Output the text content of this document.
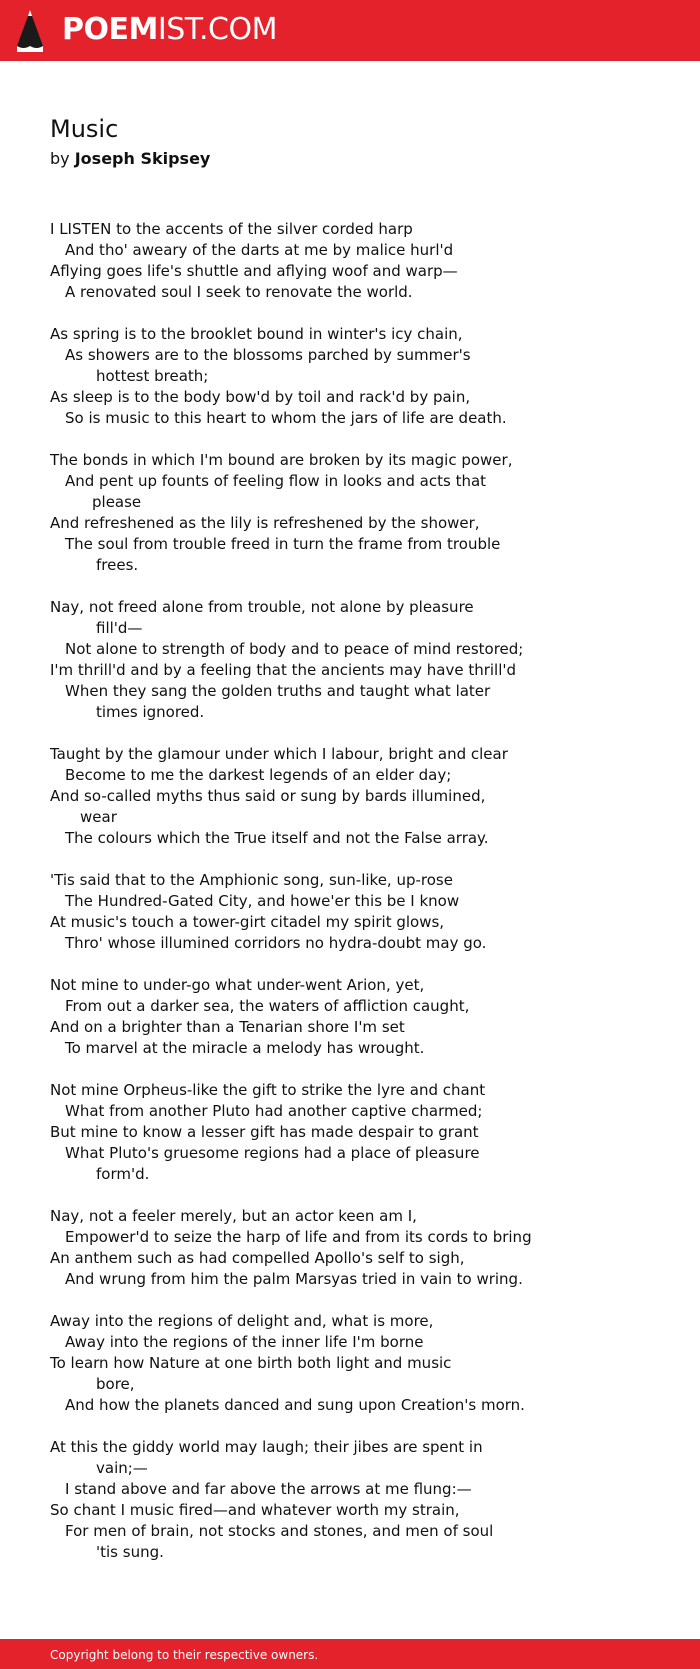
POEMIST.COM
Music
by Joseph Skipsey
I LISTEN to the accents of the silver corded harp
And tho' aweary of the darts at me by malice hurl'd
Aflying goes life's shuttle and aflying woof and warp—
A renovated soul I seek to renovate the world.
As spring is to the brooklet bound in winter's icy chain,
As showers are to the blossoms parched by summer's
hottest breath;
As sleep is to the body bow'd by toil and rack'd by pain,
So is music to this heart to whom the jars of life are death.
The bonds in which I'm bound are broken by its magic power,
And pent up founts of feeling flow in looks and acts that
please
And refreshened as the lily is refreshened by the shower,
The soul from trouble freed in turn the frame from trouble
frees.
Nay, not freed alone from trouble, not alone by pleasure
fill'd—
Not alone to strength of body and to peace of mind restored;
I'm thrill'd and by a feeling that the ancients may have thrill'd
When they sang the golden truths and taught what later
times ignored.
Taught by the glamour under which I labour, bright and clear
Become to me the darkest legends of an elder day;
And so-called myths thus said or sung by bards illumined,
wear
The colours which the True itself and not the False array.
'Tis said that to the Amphionic song, sun-like, up-rose
The Hundred-Gated City, and howe'er this be I know
At music's touch a tower-girt citadel my spirit glows,
Thro' whose illumined corridors no hydra-doubt may go.
Not mine to under-go what under-went Arion, yet,
From out a darker sea, the waters of affliction caught,
And on a brighter than a Tenarian shore I'm set
To marvel at the miracle a melody has wrought.
Not mine Orpheus-like the gift to strike the lyre and chant
What from another Pluto had another captive charmed;
But mine to know a lesser gift has made despair to grant
What Pluto's gruesome regions had a place of pleasure
form'd.
Nay, not a feeler merely, but an actor keen am I,
Empower'd to seize the harp of life and from its cords to bring
An anthem such as had compelled Apollo's self to sigh,
And wrung from him the palm Marsyas tried in vain to wring.
Away into the regions of delight and, what is more,
Away into the regions of the inner life I'm borne
To learn how Nature at one birth both light and music
bore,
And how the planets danced and sung upon Creation's morn.
At this the giddy world may laugh; their jibes are spent in
vain;—
I stand above and far above the arrows at me flung:—
So chant I music fired—and whatever worth my strain,
For men of brain, not stocks and stones, and men of soul
'tis sung.
Copyright belong to their respective owners.
